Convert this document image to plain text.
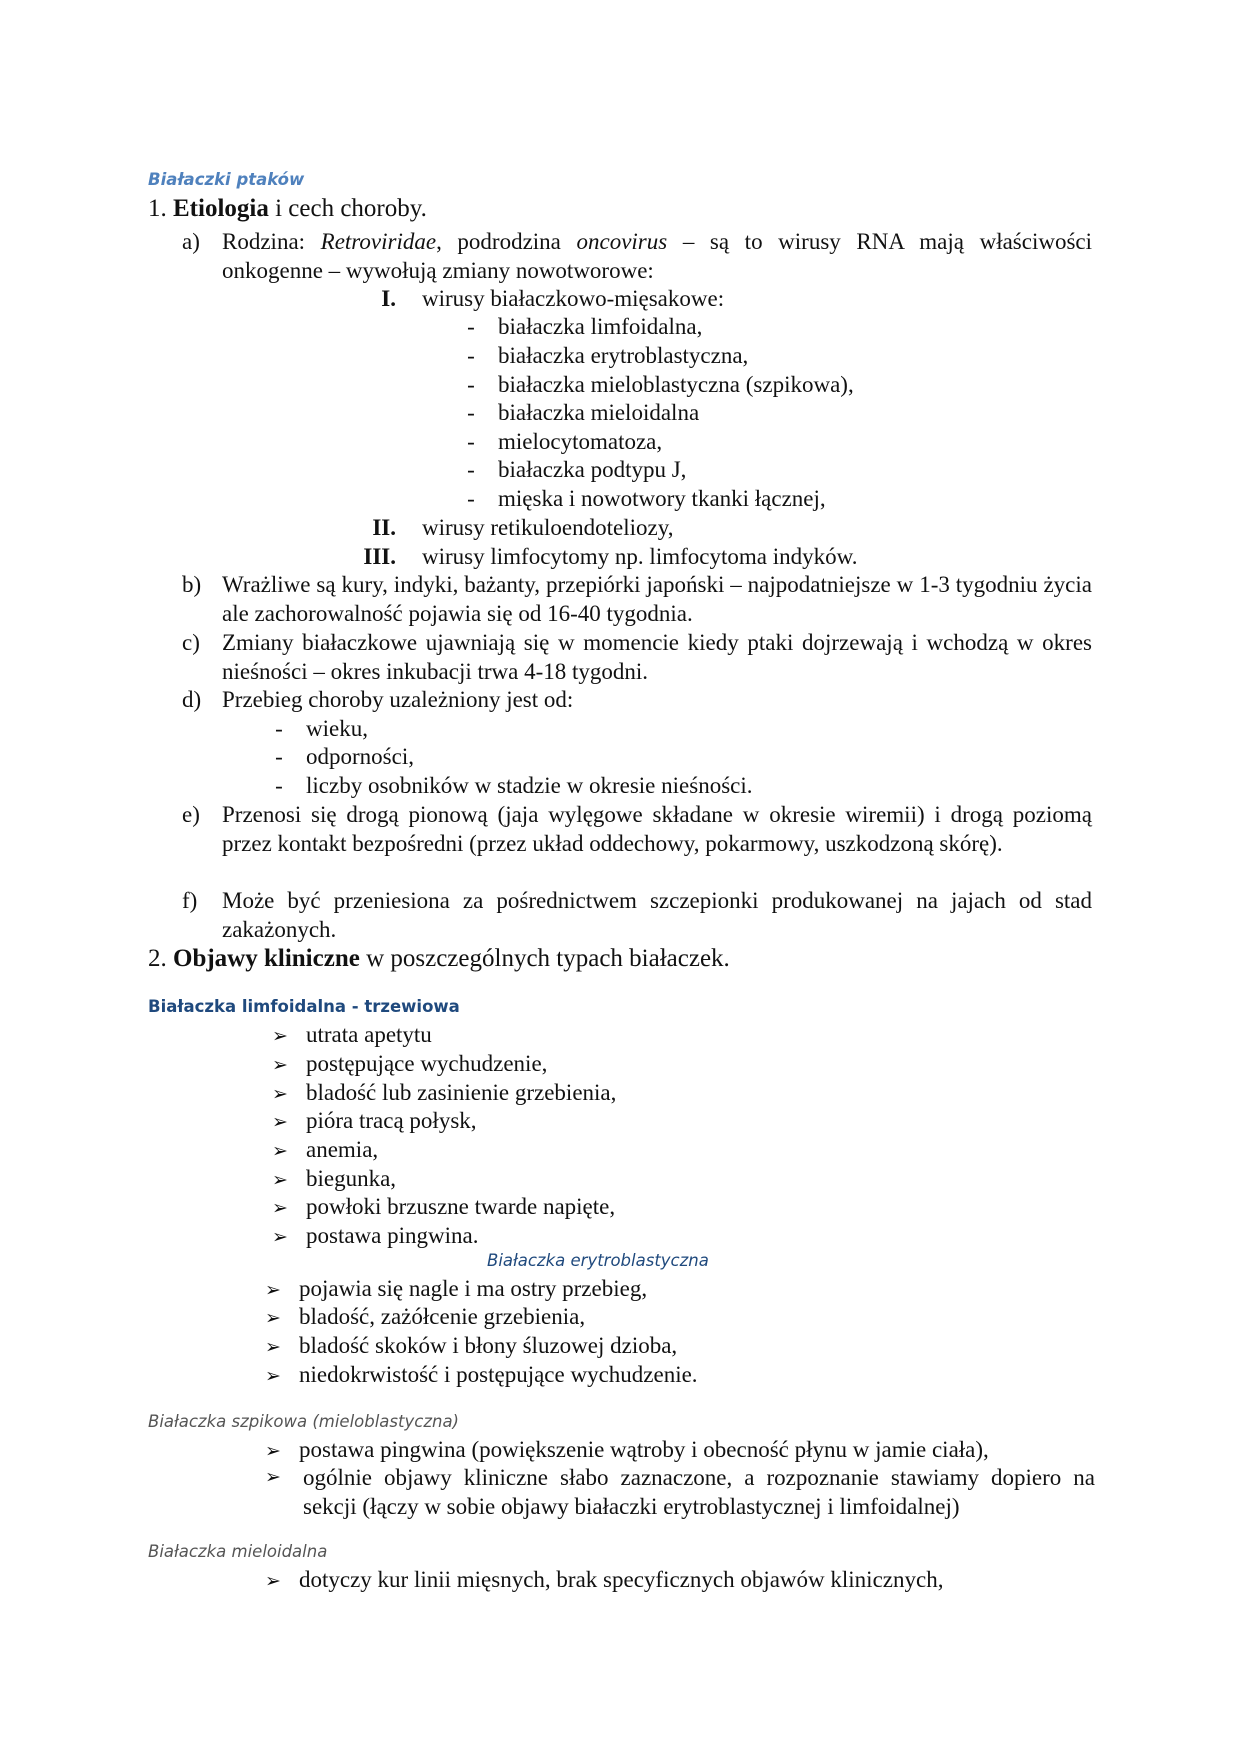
Białaczki ptaków
1. Etiologia i cech choroby.
a) Rodzina: Retroviridae, podrodzina oncovirus – są to wirusy RNA mają właściwości onkogenne – wywołują zmiany nowotworowe:
I. wirusy białaczkowo-mięsakowe:
- białaczka limfoidalna,
- białaczka erytroblastyczna,
- białaczka mieloblastyczna (szpikowa),
- białaczka mieloidalna
- mielocytomatoza,
- białaczka podtypu J,
- mięska i nowotwory tkanki łącznej,
II. wirusy retikuloendoteliozy,
III. wirusy limfocytomy np. limfocytoma indyków.
b) Wrażliwe są kury, indyki, bażanty, przepiórki japoński – najpodatniejsze w 1-3 tygodniu życia ale zachorowalność pojawia się od 16-40 tygodnia.
c) Zmiany białaczkowe ujawniają się w momencie kiedy ptaki dojrzewają i wchodzą w okres nieśności – okres inkubacji trwa 4-18 tygodni.
d) Przebieg choroby uzależniony jest od:
- wieku,
- odporności,
- liczby osobników w stadzie w okresie nieśności.
e) Przenosi się drogą pionową (jaja wylęgowe składane w okresie wiremii) i drogą poziomą przez kontakt bezpośredni (przez układ oddechowy, pokarmowy, uszkodzoną skórę).
f) Może być przeniesiona za pośrednictwem szczepionki produkowanej na jajach od stad zakażonych.
2. Objawy kliniczne w poszczególnych typach białaczek.
Białaczka limfoidalna - trzewiowa
➢ utrata apetytu
➢ postępujące wychudzenie,
➢ bladość lub zasinienie grzebienia,
➢ pióra tracą połysk,
➢ anemia,
➢ biegunka,
➢ powłoki brzuszne twarde napięte,
➢ postawa pingwina.
Białaczka erytroblastyczna
➢ pojawia się nagle i ma ostry przebieg,
➢ bladość, zażółcenie grzebienia,
➢ bladość skoków i błony śluzowej dzioba,
➢ niedokrwistość i postępujące wychudzenie.
Białaczka szpikowa (mieloblastyczna)
➢ postawa pingwina (powiększenie wątroby i obecność płynu w jamie ciała),
➢ ogólnie objawy kliniczne słabo zaznaczone, a rozpoznanie stawiamy dopiero na sekcji (łączy w sobie objawy białaczki erytroblastycznej i limfoidalnej)
Białaczka mieloidalna
➢ dotyczy kur linii mięsnych, brak specyficznych objawów klinicznych,
